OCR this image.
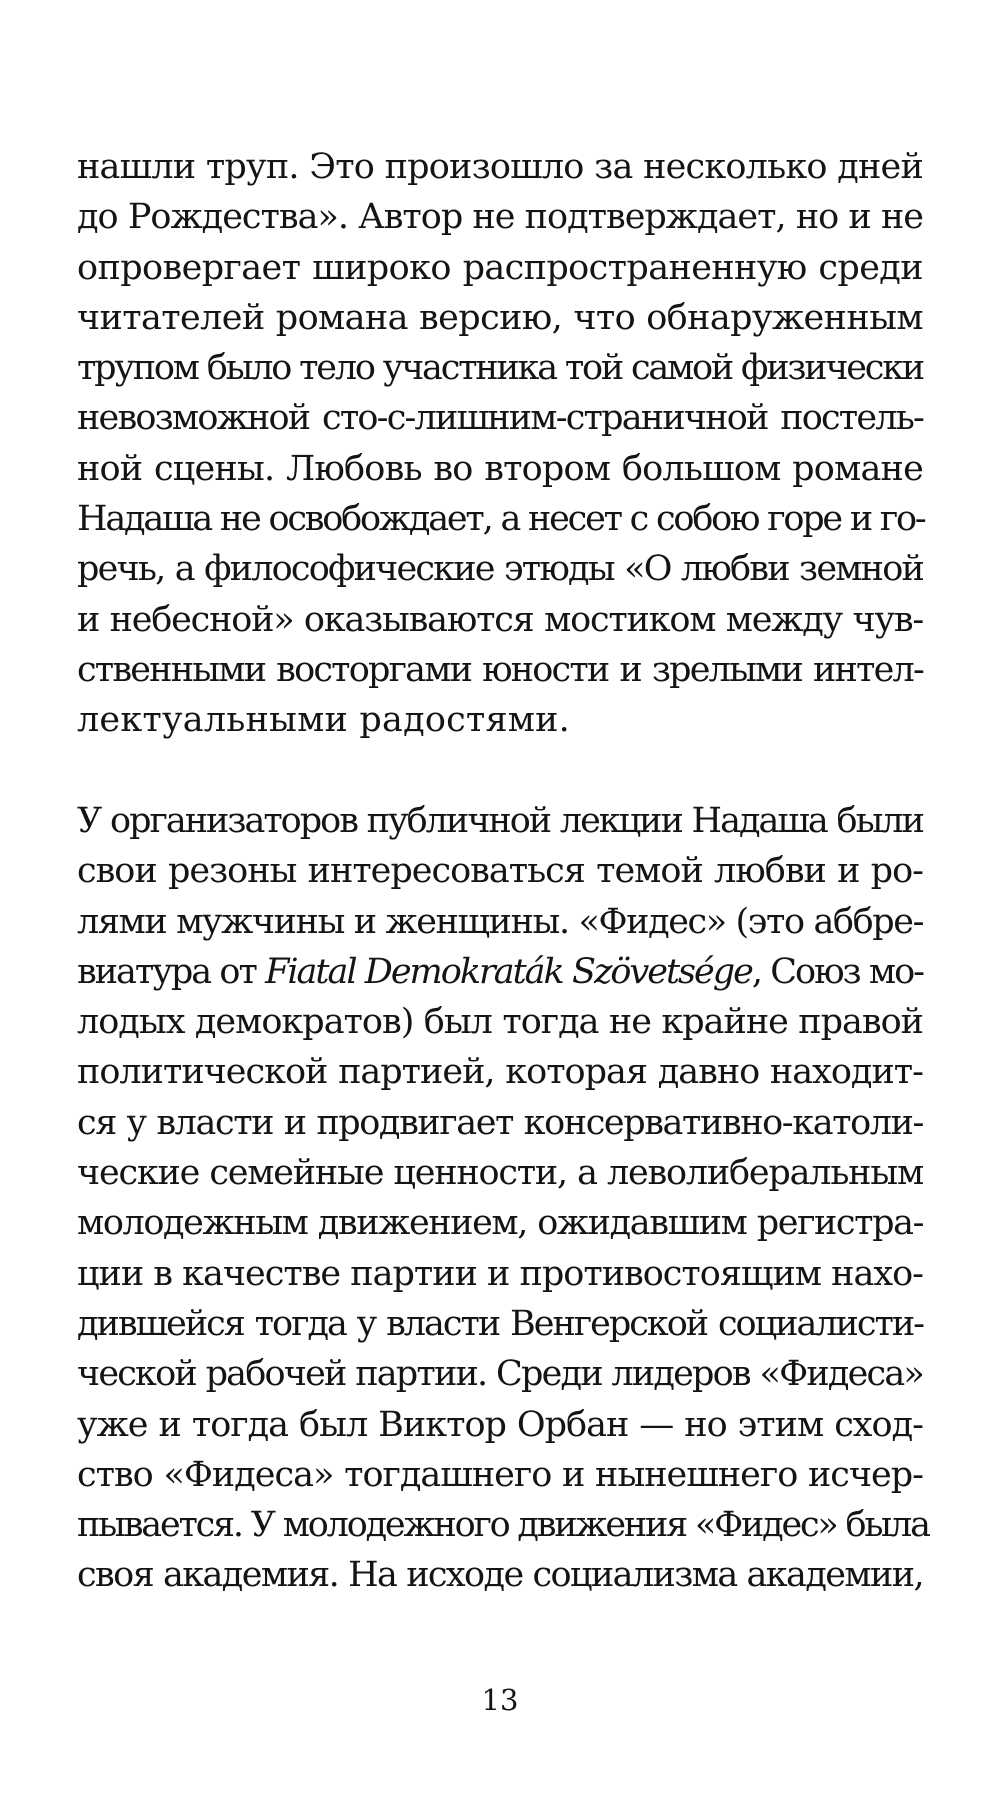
нашли труп. Это произошло за несколько дней
до Рождества». Автор не подтверждает, но и не
опровергает широко распространенную среди
читателей романа версию, что обнаруженным
трупом было тело участника той самой физически
невозможной сто-с-лишним-страничной постель-
ной сцены. Любовь во втором большом романе
Надаша не освобождает, а несет с собою горе и го-
речь, а философические этюды «О любви земной
и небесной» оказываются мостиком между чув-
ственными восторгами юности и зрелыми интел-
лектуальными радостями.
У организаторов публичной лекции Надаша были
свои резоны интересоваться темой любви и ро-
лями мужчины и женщины. «Фидес» (это аббре-
виатура от Fiatal Demokraták Szövetsége, Союз мо-
лодых демократов) был тогда не крайне правой
политической партией, которая давно находит-
ся у власти и продвигает консервативно-католи-
ческие семейные ценности, а леволиберальным
молодежным движением, ожидавшим регистра-
ции в качестве партии и противостоящим нахо-
дившейся тогда у власти Венгерской социалисти-
ческой рабочей партии. Среди лидеров «Фидеса»
уже и тогда был Виктор Орбан — но этим сход-
ство «Фидеса» тогдашнего и нынешнего исчер-
пывается. У молодежного движения «Фидес» была
своя академия. На исходе социализма академии,
13
